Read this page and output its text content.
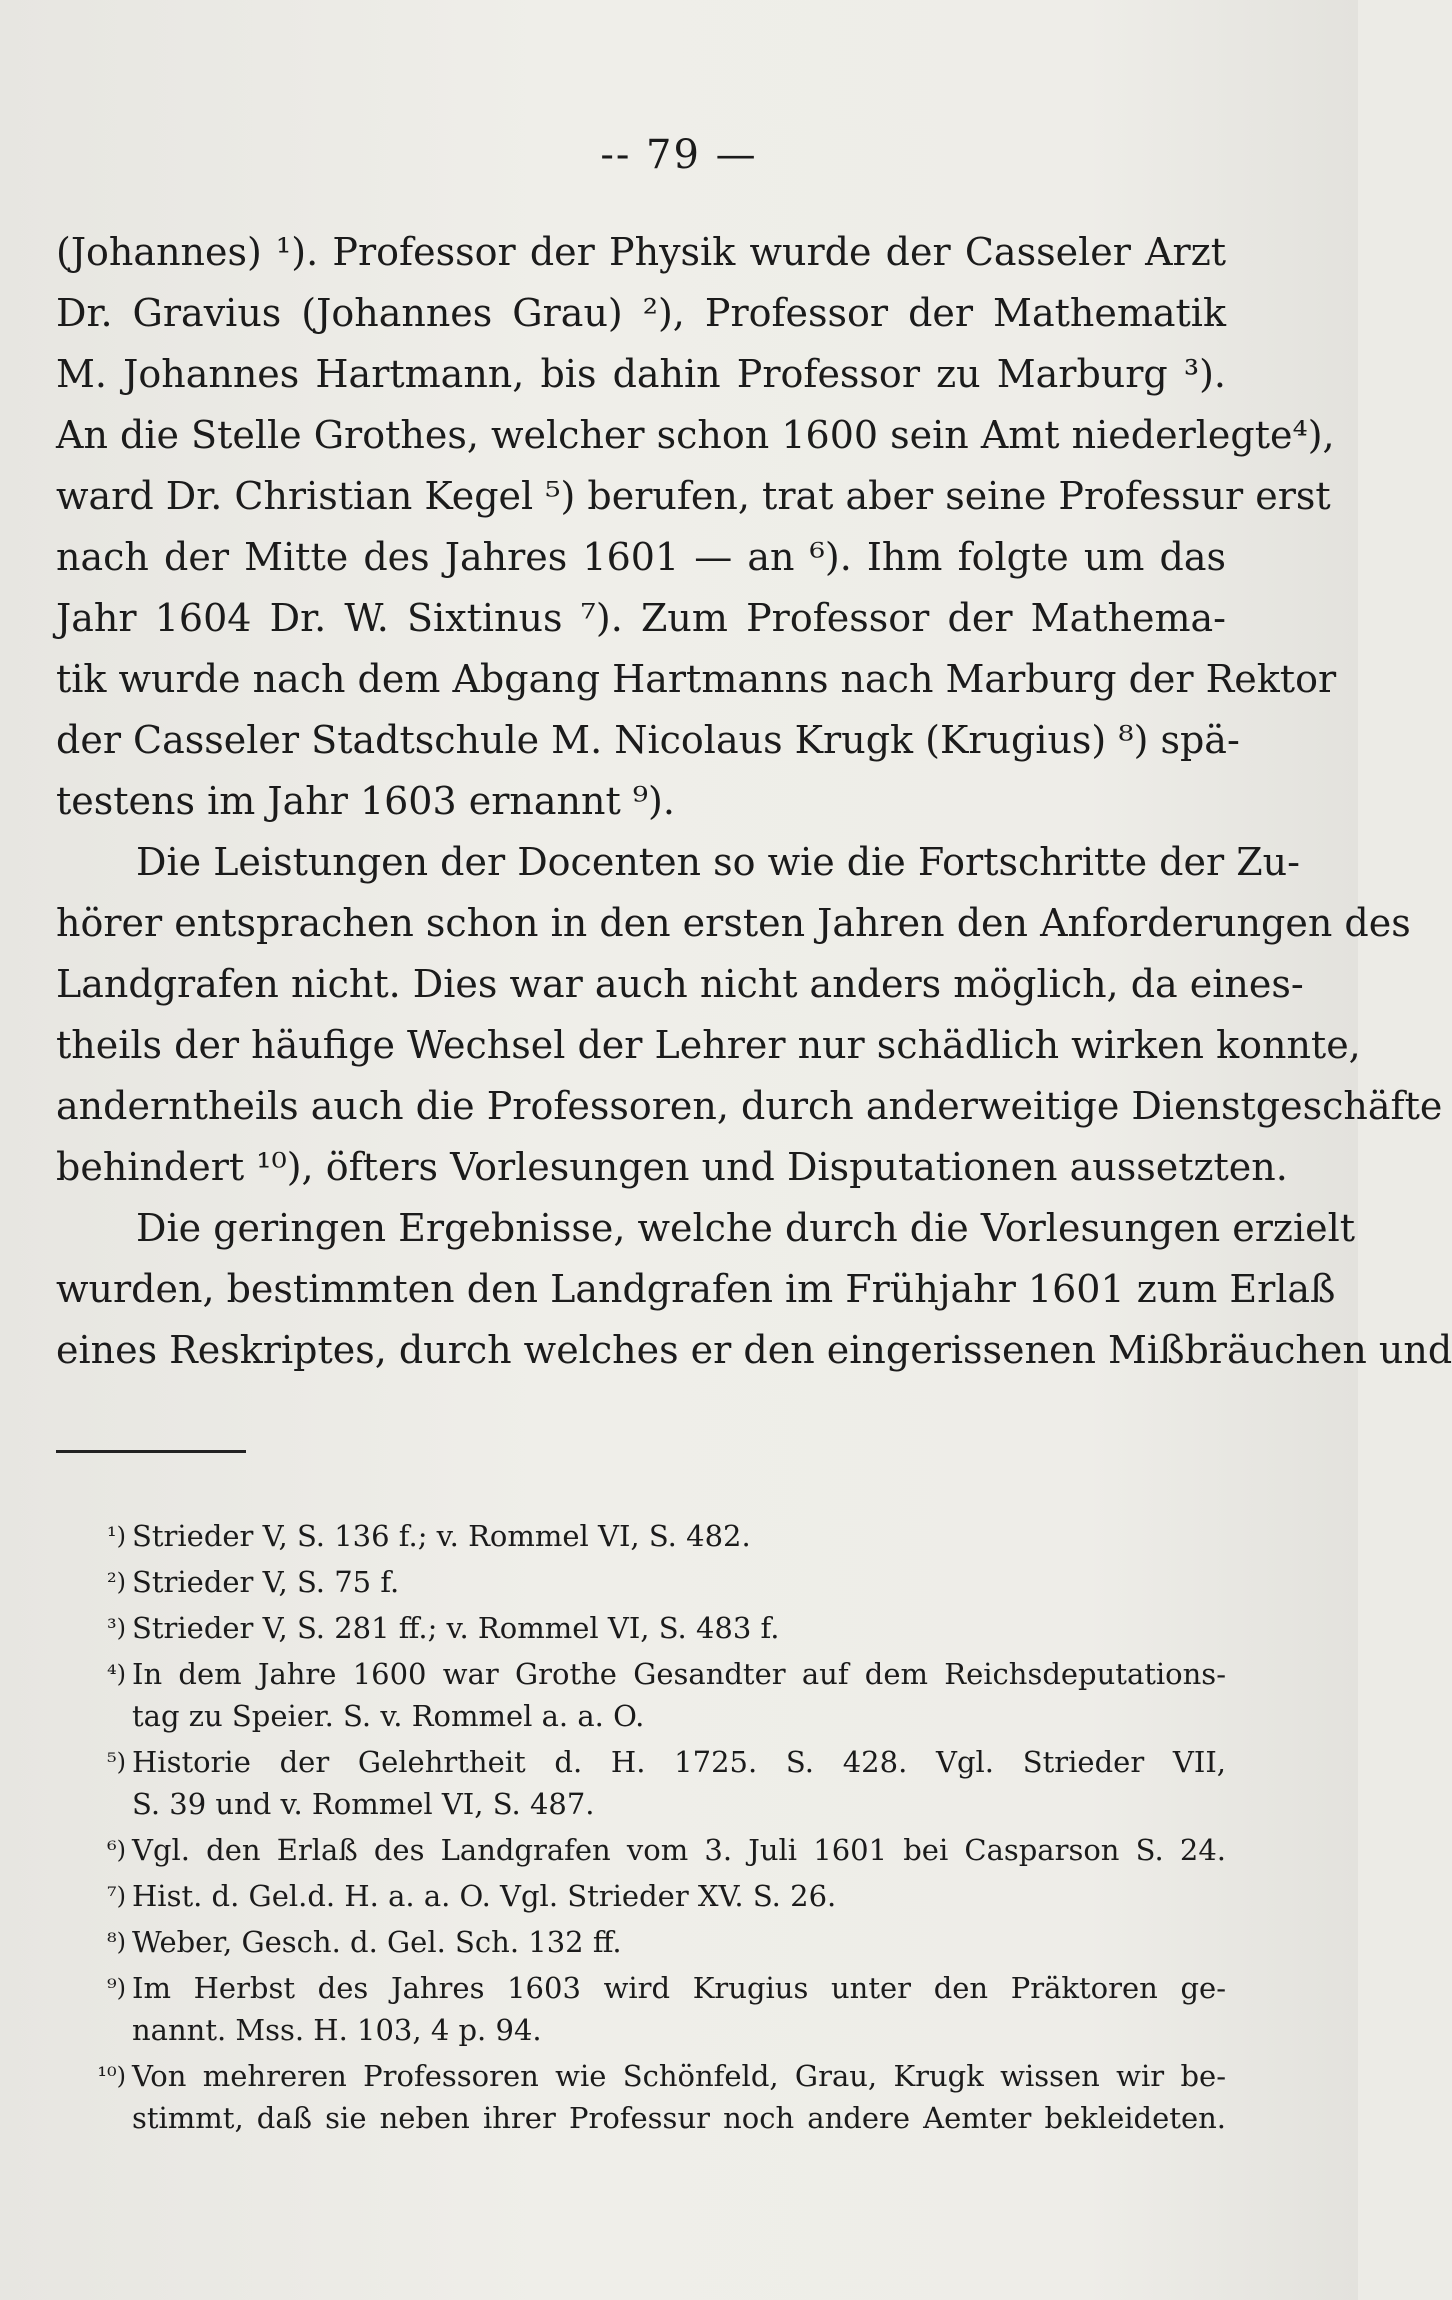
-- 79 —
(Johannes) ¹). Professor der Physik wurde der Casseler Arzt
Dr. Gravius (Johannes Grau) ²), Professor der Mathematik
M. Johannes Hartmann, bis dahin Professor zu Marburg ³).
An die Stelle Grothes, welcher schon 1600 sein Amt niederlegte⁴),
ward Dr. Christian Kegel ⁵) berufen, trat aber seine Professur erst
nach der Mitte des Jahres 1601 — an ⁶). Ihm folgte um das
Jahr 1604 Dr. W. Sixtinus ⁷). Zum Professor der Mathema-
tik wurde nach dem Abgang Hartmanns nach Marburg der Rektor
der Casseler Stadtschule M. Nicolaus Krugk (Krugius) ⁸) spä-
testens im Jahr 1603 ernannt ⁹).
Die Leistungen der Docenten so wie die Fortschritte der Zu-
hörer entsprachen schon in den ersten Jahren den Anforderungen des
Landgrafen nicht. Dies war auch nicht anders möglich, da eines-
theils der häufige Wechsel der Lehrer nur schädlich wirken konnte,
anderntheils auch die Professoren, durch anderweitige Dienstgeschäfte
behindert ¹⁰), öfters Vorlesungen und Disputationen aussetzten.
Die geringen Ergebnisse, welche durch die Vorlesungen erzielt
wurden, bestimmten den Landgrafen im Frühjahr 1601 zum Erlaß
eines Reskriptes, durch welches er den eingerissenen Mißbräuchen und
¹) Strieder V, S. 136 f.; v. Rommel VI, S. 482.
²) Strieder V, S. 75 f.
³) Strieder V, S. 281 ff.; v. Rommel VI, S. 483 f.
⁴) In dem Jahre 1600 war Grothe Gesandter auf dem Reichsdeputations-
tag zu Speier. S. v. Rommel a. a. O.
⁵) Historie der Gelehrtheit d. H. 1725. S. 428. Vgl. Strieder VII,
S. 39 und v. Rommel VI, S. 487.
⁶) Vgl. den Erlaß des Landgrafen vom 3. Juli 1601 bei Casparson S. 24.
⁷) Hist. d. Gel.d. H. a. a. O. Vgl. Strieder XV. S. 26.
⁸) Weber, Gesch. d. Gel. Sch. 132 ff.
⁹) Im Herbst des Jahres 1603 wird Krugius unter den Präktoren ge-
nannt. Mss. H. 103, 4 p. 94.
¹⁰) Von mehreren Professoren wie Schönfeld, Grau, Krugk wissen wir be-
stimmt, daß sie neben ihrer Professur noch andere Aemter bekleideten.
